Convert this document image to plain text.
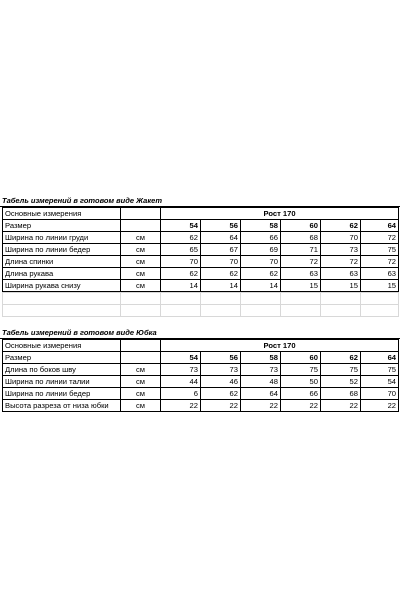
Табель измерений в готовом виде Жакет
Основные измерения		Рост 170					
Размер		54	56	58	60	62	64
Ширина по линии груди	см	62	64	66	68	70	72
Ширина по линии бедер	см	65	67	69	71	73	75
Длина спинки	см	70	70	70	72	72	72
Длина рукава	см	62	62	62	63	63	63
Ширина рукава снизу	см	14	14	14	15	15	15

Табель измерений в готовом виде Юбка
Основные измерения		Рост 170					
Размер		54	56	58	60	62	64
Длина по боков шву	см	73	73	73	75	75	75
Ширина по линии талии	см	44	46	48	50	52	54
Ширина по линии бедер	см	6	62	64	66	68	70
Высота разреза от низа юбки	см	22	22	22	22	22	22
